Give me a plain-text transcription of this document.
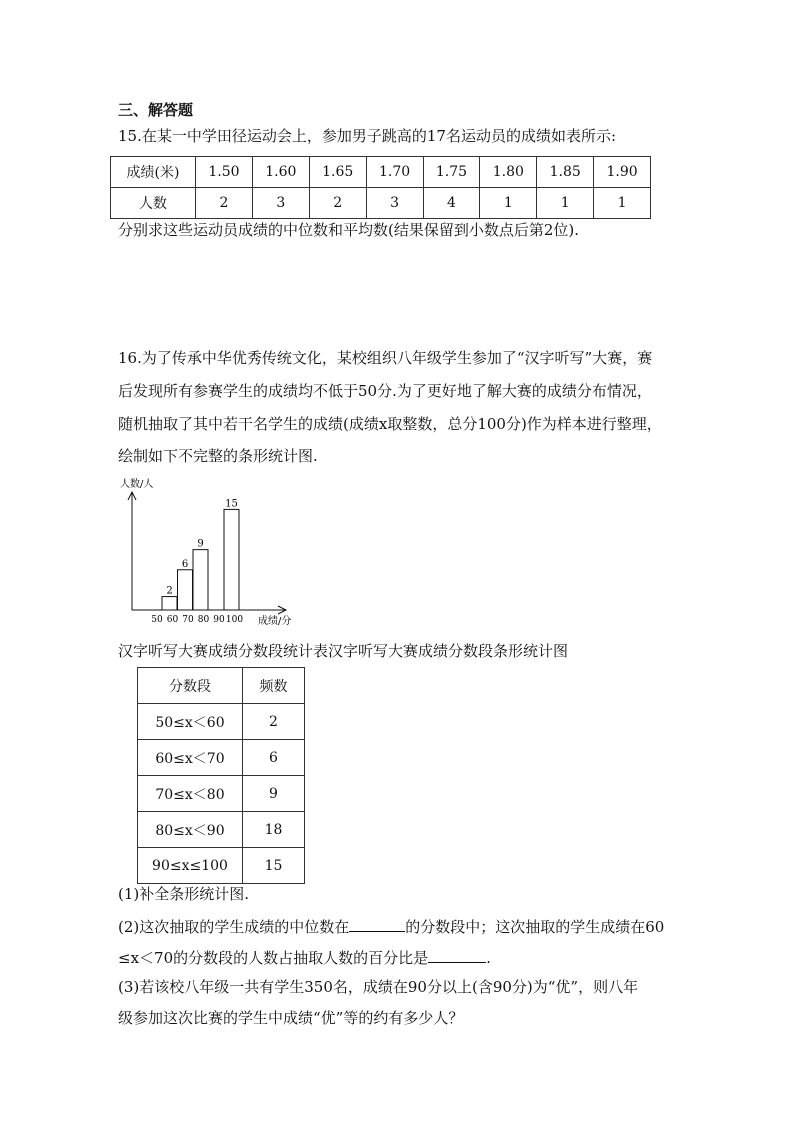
三、解答题
15.在某一中学田径运动会上，参加男子跳高的17名运动员的成绩如表所示:
成绩(米)	1.50	1.60	1.65	1.70	1.75	1.80	1.85	1.90
人数	2	3	2	3	4	1	1	1
分别求这些运动员成绩的中位数和平均数(结果保留到小数点后第2位).
16.为了传承中华优秀传统文化，某校组织八年级学生参加了“汉字听写”大赛，赛
后发现所有参赛学生的成绩均不低于50分.为了更好地了解大赛的成绩分布情况，
随机抽取了其中若干名学生的成绩(成绩x取整数，总分100分)作为样本进行整理，
绘制如下不完整的条形统计图.
人数/人
成绩/分
2
6
9
15
50 60 70 80 90 100
汉字听写大赛成绩分数段统计表汉字听写大赛成绩分数段条形统计图
分数段	频数
50≤x＜60	2
60≤x＜70	6
70≤x＜80	9
80≤x＜90	18
90≤x≤100	15
(1)补全条形统计图.
(2)这次抽取的学生成绩的中位数在	的分数段中；这次抽取的学生成绩在60
≤x＜70的分数段的人数占抽取人数的百分比是	.
(3)若该校八年级一共有学生350名，成绩在90分以上(含90分)为“优”，则八年
级参加这次比赛的学生中成绩“优”等的约有多少人？
